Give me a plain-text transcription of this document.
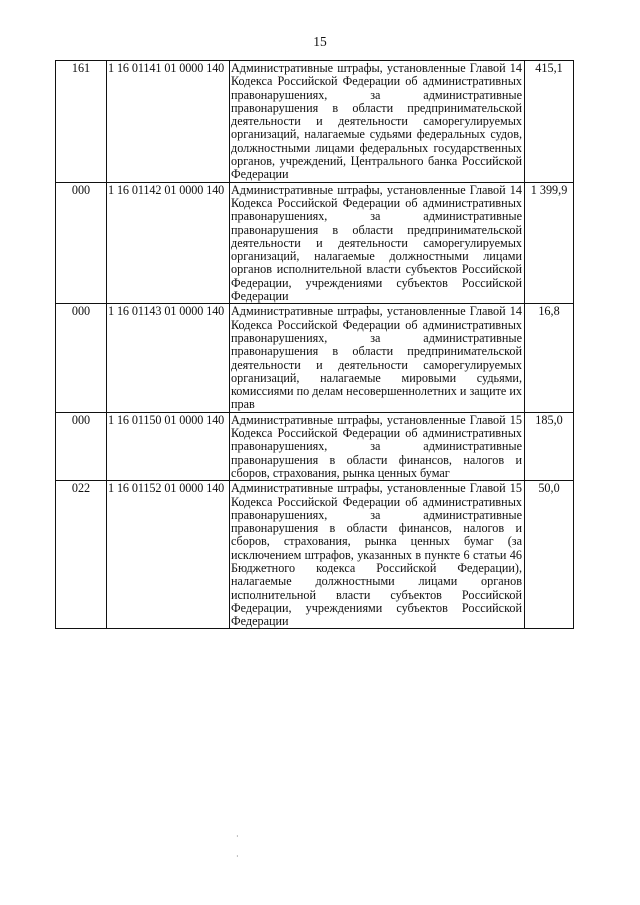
15
161	1 16 01141 01 0000 140	Административные штрафы, установленные Главой 14 Кодекса Российской Федерации об административных правонарушениях, за административные правонарушения в области предпринимательской деятельности и деятельности саморегулируемых организаций, налагаемые судьями федеральных судов, должностными лицами федеральных государственных органов, учреждений, Центрального банка Российской Федерации	415,1
000	1 16 01142 01 0000 140	Административные штрафы, установленные Главой 14 Кодекса Российской Федерации об административных правонарушениях, за административные правонарушения в области предпринимательской деятельности и деятельности саморегулируемых организаций, налагаемые должностными лицами органов исполнительной власти субъектов Российской Федерации, учреждениями субъектов Российской Федерации	1 399,9
000	1 16 01143 01 0000 140	Административные штрафы, установленные Главой 14 Кодекса Российской Федерации об административных правонарушениях, за административные правонарушения в области предпринимательской деятельности и деятельности саморегулируемых организаций, налагаемые мировыми судьями, комиссиями по делам несовершеннолетних и защите их прав	16,8
000	1 16 01150 01 0000 140	Административные штрафы, установленные Главой 15 Кодекса Российской Федерации об административных правонарушениях, за административные правонарушения в области финансов, налогов и сборов, страхования, рынка ценных бумаг	185,0
022	1 16 01152 01 0000 140	Административные штрафы, установленные Главой 15 Кодекса Российской Федерации об административных правонарушениях, за административные правонарушения в области финансов, налогов и сборов, страхования, рынка ценных бумаг (за исключением штрафов, указанных в пункте 6 статьи 46 Бюджетного кодекса Российской Федерации), налагаемые должностными лицами органов исполнительной власти субъектов Российской Федерации, учреждениями субъектов Российской Федерации	50,0
·
·
